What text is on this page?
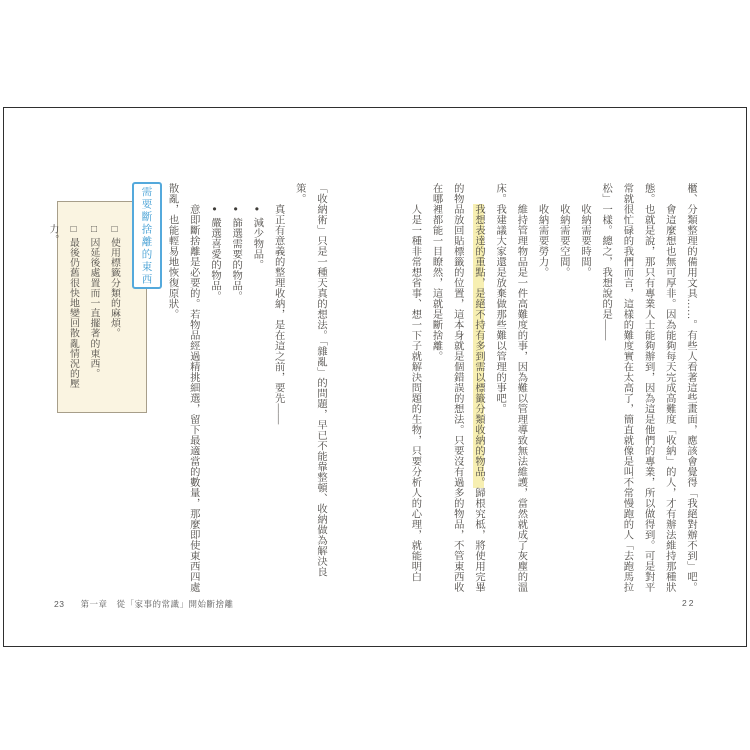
櫃、分類整理的備用文具……。有些人看著這些畫面，應該會覺得「我絕對辦不到」吧。

會這麼想也無可厚非。因為能夠每天完成高難度「收納」的人，才有辦法維持那種狀態。也就是說，那只有專業人士能夠辦到，因為這是他們的專業，所以做得到。可是對平常就很忙碌的我們而言，這樣的難度實在太高了，簡直就像是叫不常慢跑的人「去跑馬拉松」一樣。總之，我想說的是——

收納需要時間。

收納需要空間。

收納需要勞力。

維持管理物品是一件高難度的事，因為難以管理導致無法維護，當然就成了灰塵的溫床。我建議大家還是放棄做那些難以管理的事吧。

我想表達的重點，是絕不持有多到需以標籤分類收納的物品。歸根究柢，將使用完畢的物品放回貼標籤的位置，這本身就是個錯誤的想法。只要沒有過多的物品，不管東西收在哪裡都能一目瞭然，這就是斷捨離。

人是一種非常想省事、想一下子就解決問題的生物，只要分析人的心理，就能明白

22

「收納術」只是一種天真的想法。「雜亂」的問題，早已不能靠整頓、收納做為解決良策。

真正有意義的整理收納，是在這之前，要先——

●減少物品。

●篩選需要的物品。

●嚴選喜愛的物品。

意即斷捨離是必要的。若物品經過精挑細選，留下最適當的數量，那麼即使東西四處散亂，也能輕易地恢復原狀。

□使用標籤分類的麻煩。

□因延後處置而一直擺著的東西。

□最後仍舊很快地變回散亂情況的壓力。	需要斷捨離的東西
23 第一章　從「家事的常識」開始斷捨離
